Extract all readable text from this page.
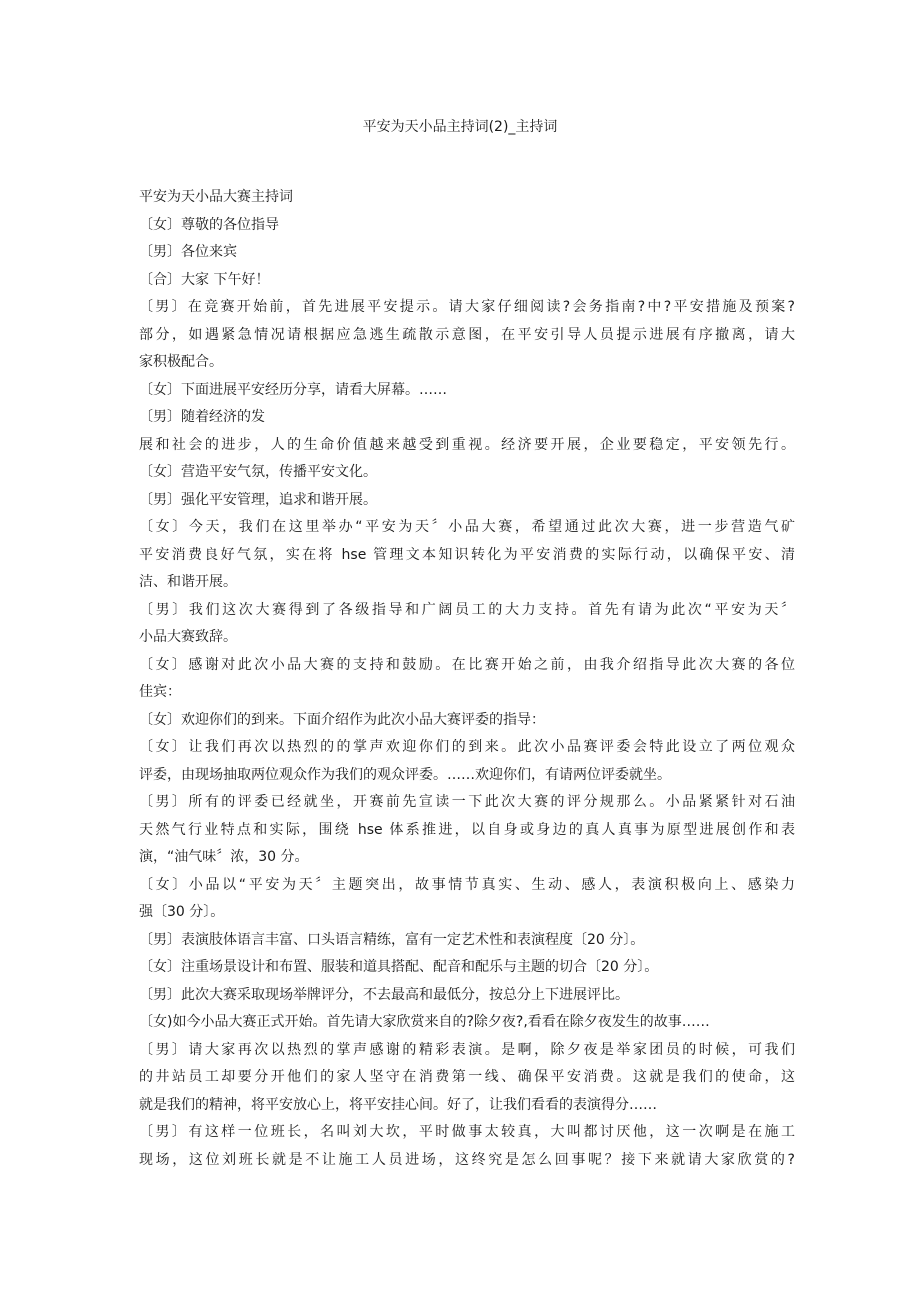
平安为天小品主持词(2)_主持词
平安为天小品大赛主持词
〔女〕尊敬的各位指导
〔男〕各位来宾
〔合〕大家 下午好！
〔男〕在竞赛开始前，首先进展平安提示。请大家仔细阅读?会务指南?中?平安措施及预案?
部分，如遇紧急情况请根据应急逃生疏散示意图，在平安引导人员提示进展有序撤离，请大
家积极配合。
〔女〕下面进展平安经历分享，请看大屏幕。……
〔男〕随着经济的发
展和社会的进步，人的生命价值越来越受到重视。经济要开展，企业要稳定，平安领先行。
〔女〕营造平安气氛，传播平安文化。
〔男〕强化平安管理，追求和谐开展。
〔女〕今天，我们在这里举办“平安为天〞小品大赛，希望通过此次大赛，进一步营造气矿
平安消费良好气氛，实在将 hse 管理文本知识转化为平安消费的实际行动，以确保平安、清
洁、和谐开展。
〔男〕我们这次大赛得到了各级指导和广阔员工的大力支持。首先有请为此次“平安为天〞
小品大赛致辞。
〔女〕感谢对此次小品大赛的支持和鼓励。在比赛开始之前，由我介绍指导此次大赛的各位
佳宾：
〔女〕欢迎你们的到来。下面介绍作为此次小品大赛评委的指导：
〔女〕让我们再次以热烈的的掌声欢迎你们的到来。此次小品赛评委会特此设立了两位观众
评委，由现场抽取两位观众作为我们的观众评委。……欢迎你们，有请两位评委就坐。
〔男〕所有的评委已经就坐，开赛前先宣读一下此次大赛的评分规那么。小品紧紧针对石油
天然气行业特点和实际，围绕 hse 体系推进，以自身或身边的真人真事为原型进展创作和表
演，“油气味〞浓，30 分。
〔女〕小品以“平安为天〞主题突出，故事情节真实、生动、感人，表演积极向上、感染力
强〔30 分〕。
〔男〕表演肢体语言丰富、口头语言精练，富有一定艺术性和表演程度〔20 分〕。
〔女〕注重场景设计和布置、服装和道具搭配、配音和配乐与主题的切合〔20 分〕。
〔男〕此次大赛采取现场举牌评分，不去最高和最低分，按总分上下进展评比。
〔女)如今小品大赛正式开始。首先请大家欣赏来自的?除夕夜?,看看在除夕夜发生的故事……
〔男〕请大家再次以热烈的掌声感谢的精彩表演。是啊，除夕夜是举家团员的时候，可我们
的井站员工却要分开他们的家人坚守在消费第一线、确保平安消费。这就是我们的使命，这
就是我们的精神，将平安放心上，将平安挂心间。好了，让我们看看的表演得分……
〔男〕有这样一位班长，名叫刘大坎，平时做事太较真，大叫都讨厌他，这一次啊是在施工
现场，这位刘班长就是不让施工人员进场，这终究是怎么回事呢？接下来就请大家欣赏的?
